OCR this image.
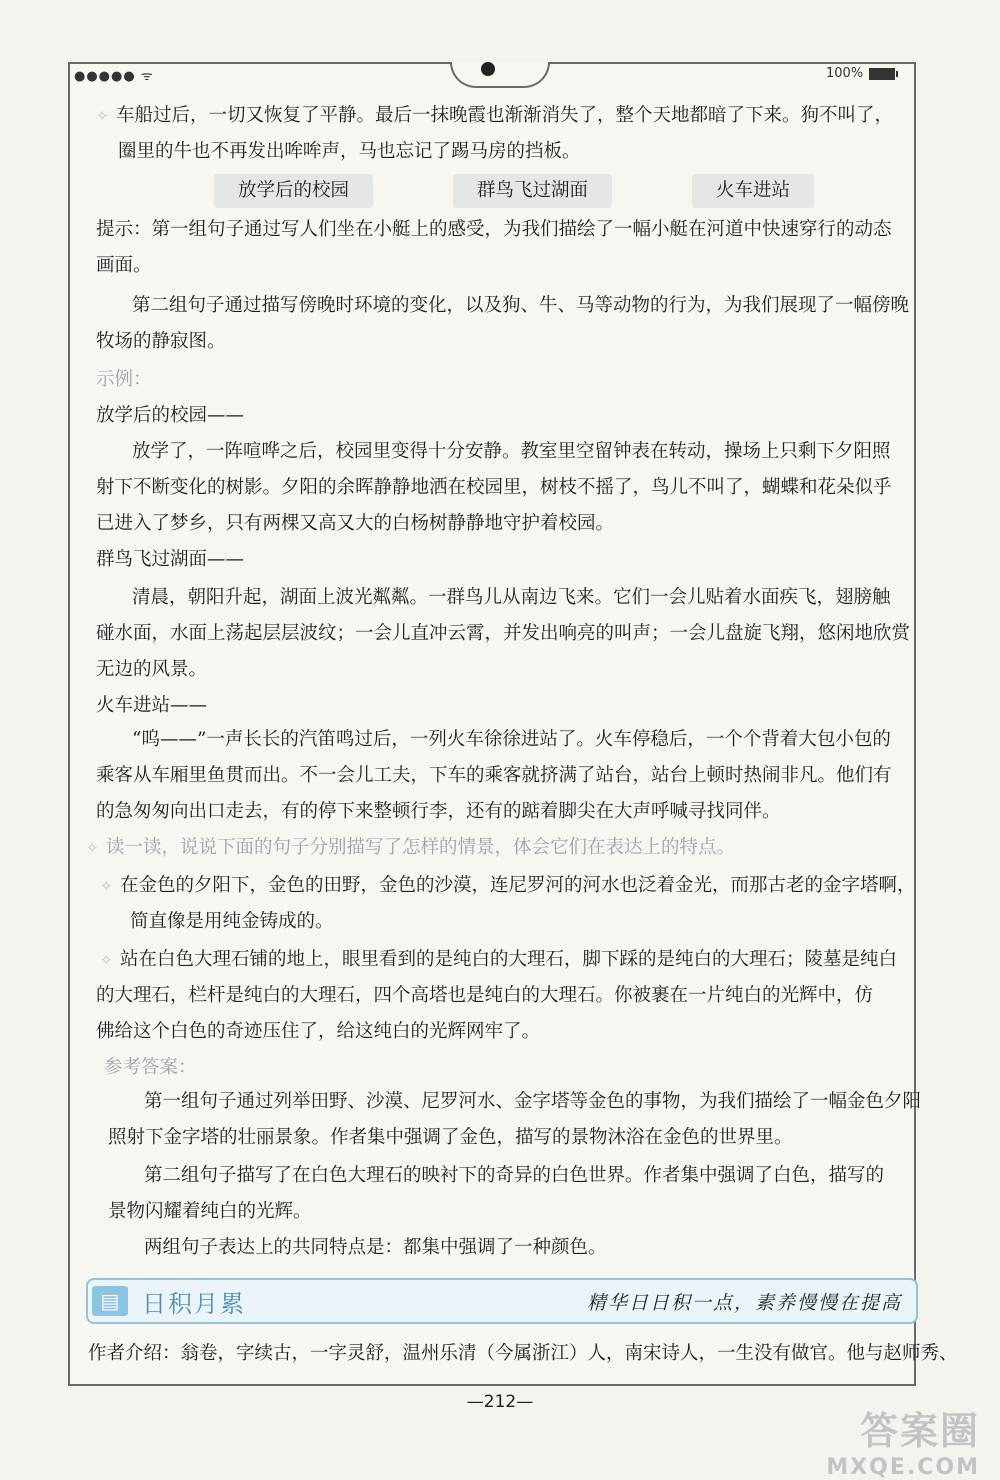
●●●●● ᯤ	100%
✧ 车船过后，一切又恢复了平静。最后一抹晚霞也渐渐消失了，整个天地都暗了下来。狗不叫了，
圈里的牛也不再发出哞哞声，马也忘记了踢马房的挡板。
提示：第一组句子通过写人们坐在小艇上的感受，为我们描绘了一幅小艇在河道中快速穿行的动态
画面。
第二组句子通过描写傍晚时环境的变化，以及狗、牛、马等动物的行为，为我们展现了一幅傍晚
牧场的静寂图。
示例：
放学后的校园——
放学了，一阵喧哗之后，校园里变得十分安静。教室里空留钟表在转动，操场上只剩下夕阳照
射下不断变化的树影。夕阳的余晖静静地洒在校园里，树枝不摇了，鸟儿不叫了，蝴蝶和花朵似乎
已进入了梦乡，只有两棵又高又大的白杨树静静地守护着校园。
群鸟飞过湖面——
清晨，朝阳升起，湖面上波光粼粼。一群鸟儿从南边飞来。它们一会儿贴着水面疾飞，翅膀触
碰水面，水面上荡起层层波纹；一会儿直冲云霄，并发出响亮的叫声；一会儿盘旋飞翔，悠闲地欣赏
无边的风景。
火车进站——
“呜——”一声长长的汽笛鸣过后，一列火车徐徐进站了。火车停稳后，一个个背着大包小包的
乘客从车厢里鱼贯而出。不一会儿工夫，下车的乘客就挤满了站台，站台上顿时热闹非凡。他们有
的急匆匆向出口走去，有的停下来整顿行李，还有的踮着脚尖在大声呼喊寻找同伴。
✧ 读一读，说说下面的句子分别描写了怎样的情景，体会它们在表达上的特点。
✧ 在金色的夕阳下，金色的田野，金色的沙漠，连尼罗河的河水也泛着金光，而那古老的金字塔啊，
简直像是用纯金铸成的。
✧ 站在白色大理石铺的地上，眼里看到的是纯白的大理石，脚下踩的是纯白的大理石；陵墓是纯白
的大理石，栏杆是纯白的大理石，四个高塔也是纯白的大理石。你被裹在一片纯白的光辉中，仿
佛给这个白色的奇迹压住了，给这纯白的光辉网牢了。
参考答案：
第一组句子通过列举田野、沙漠、尼罗河水、金字塔等金色的事物，为我们描绘了一幅金色夕阳
照射下金字塔的壮丽景象。作者集中强调了金色，描写的景物沐浴在金色的世界里。
第二组句子描写了在白色大理石的映衬下的奇异的白色世界。作者集中强调了白色，描写的
景物闪耀着纯白的光辉。
两组句子表达上的共同特点是：都集中强调了一种颜色。
作者介绍：翁卷，字续古，一字灵舒，温州乐清（今属浙江）人，南宋诗人，一生没有做官。他与赵师秀、
放学后的校园	群鸟飞过湖面	火车进站
▤ 日积月累	精华日日积一点，素养慢慢在提高
—212—
答案圈
MXQE.COM
